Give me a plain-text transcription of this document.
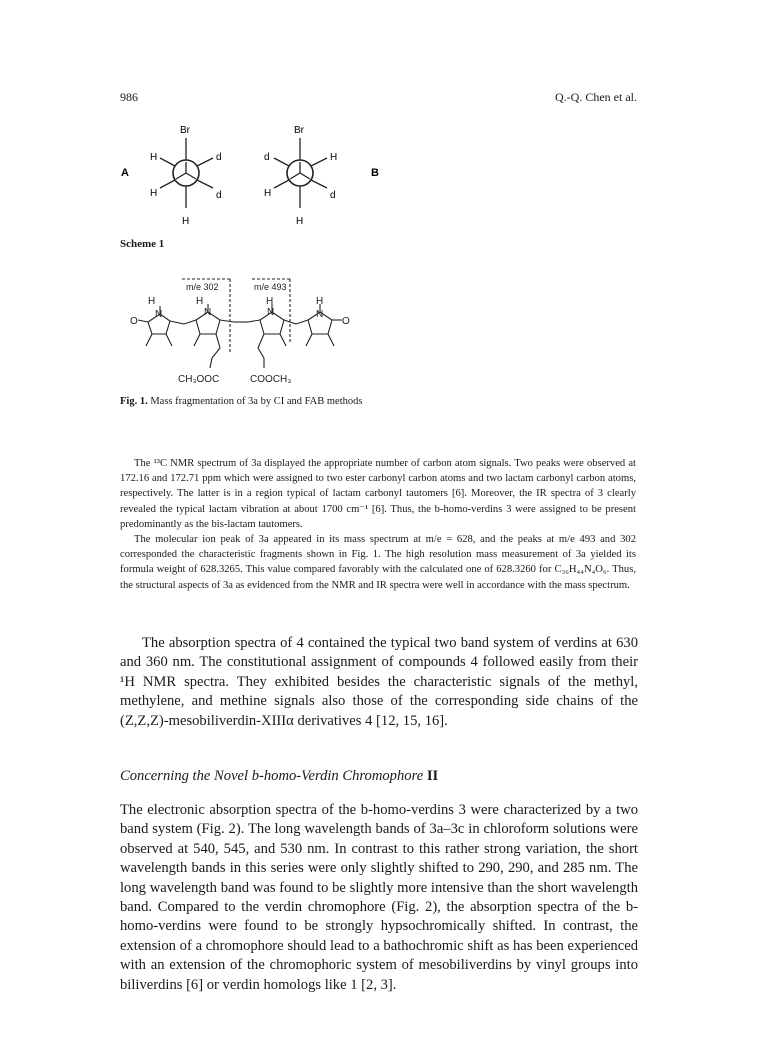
986	Q.-Q. Chen et al.
Br
H	d
H	d
H
A
Br
d	H
H	d
H
B
Scheme 1
m/e 302	m/e 493
H
N
O
H
N
H
N
H
N
O
CH₃OOC	COOCH₃
Fig. 1. Mass fragmentation of 3a by CI and FAB methods

The ¹³C NMR spectrum of 3a displayed the appropriate number of carbon atom signals. Two peaks were observed at 172.16 and 172.71 ppm which were assigned to two ester carbonyl carbon atoms and two lactam carbonyl carbon atoms, respectively. The latter is in a region typical of lactam carbonyl tautomers [6]. Moreover, the IR spectra of 3 clearly revealed the typical lactam vibration at about 1700 cm⁻¹ [6]. Thus, the b-homo-verdins 3 were assigned to be present predominantly as the bis-lactam tautomers.

The molecular ion peak of 3a appeared in its mass spectrum at m/e = 628, and the peaks at m/e 493 and 302 corresponded the characteristic fragments shown in Fig. 1. The high resolution mass measurement of 3a yielded its formula weight of 628.3265. This value compared favorably with the calculated one of 628.3260 for C₃₆H₄₄N₄O₆. Thus, the structural aspects of 3a as evidenced from the NMR and IR spectra were well in accordance with the mass spectrum.

The absorption spectra of 4 contained the typical two band system of verdins at 630 and 360 nm. The constitutional assignment of compounds 4 followed easily from their ¹H NMR spectra. They exhibited besides the characteristic signals of the methyl, methylene, and methine signals also those of the corresponding side chains of the (Z,Z,Z)-mesobiliverdin-XIIIα derivatives 4 [12, 15, 16].

Concerning the Novel b-homo-Verdin Chromophore II

The electronic absorption spectra of the b-homo-verdins 3 were characterized by a two band system (Fig. 2). The long wavelength bands of 3a–3c in chloroform solutions were observed at 540, 545, and 530 nm. In contrast to this rather strong variation, the short wavelength bands in this series were only slightly shifted to 290, 290, and 285 nm. The long wavelength band was found to be slightly more intensive than the short wavelength band. Compared to the verdin chromophore (Fig. 2), the absorption spectra of the b-homo-verdins were found to be strongly hypsochromically shifted. In contrast, the extension of a chromophore should lead to a bathochromic shift as has been experienced with an extension of the chromophoric system of mesobiliverdins by vinyl groups into biliverdins [6] or verdin homologs like 1 [2, 3].
